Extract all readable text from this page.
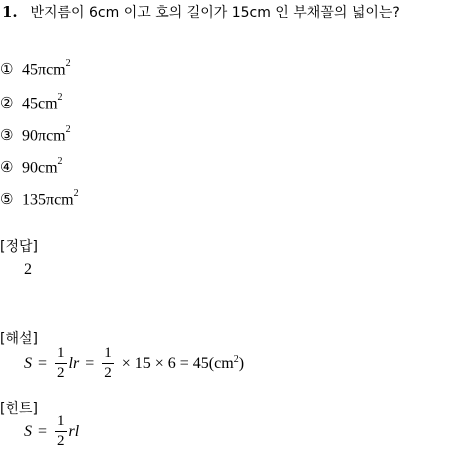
1. 반지름이 6cm 이고 호의 길이가 15cm 인 부채꼴의 넓이는?
① 45πcm$^2$
② $45cm^2$
③ 90πcm$^2$
④ $90cm^2$
⑤ 135πcm$^2$
[정답]
2
[해설]
$S = \frac{1}{2}$ lr = $\frac{1}{2} \times 15 \times 6 = 45(cm^2$ )
[힌트]
$S = \frac{1}{2}$ rl
